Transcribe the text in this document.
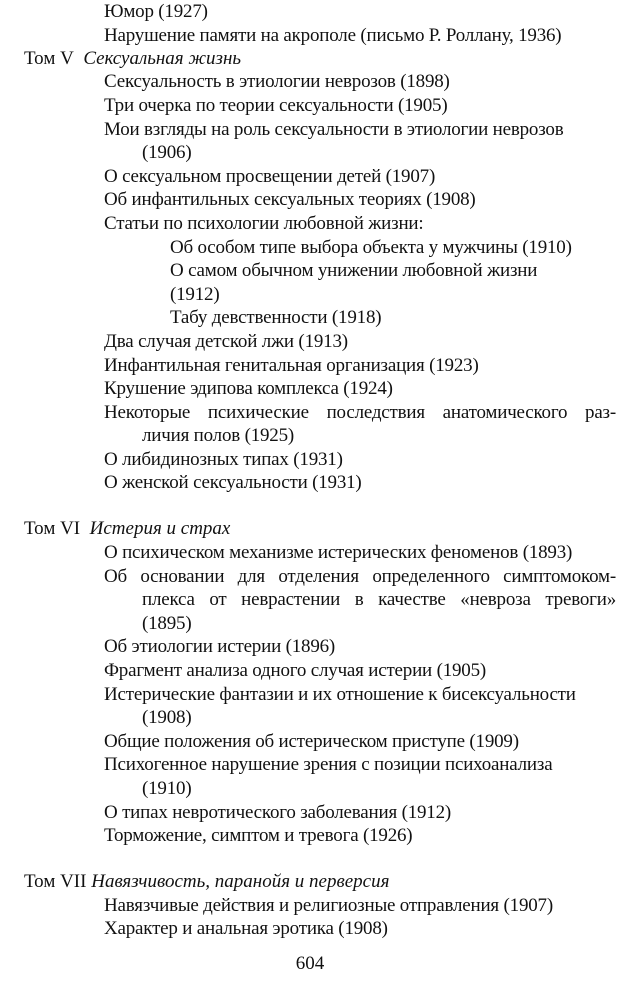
Юмор (1927)
Нарушение памяти на акрополе (письмо Р. Роллану, 1936)
Том V Сексуальная жизнь
Сексуальность в этиологии неврозов (1898)
Три очерка по теории сексуальности (1905)
Мои взгляды на роль сексуальности в этиологии неврозов
(1906)
О сексуальном просвещении детей (1907)
Об инфантильных сексуальных теориях (1908)
Статьи по психологии любовной жизни:
Об особом типе выбора объекта у мужчины (1910)
О самом обычном унижении любовной жизни
(1912)
Табу девственности (1918)
Два случая детской лжи (1913)
Инфантильная генитальная организация (1923)
Крушение эдипова комплекса (1924)
Некоторые психические последствия анатомического раз-
личия полов (1925)
О либидинозных типах (1931)
О женской сексуальности (1931)
Том VI Истерия и страх
О психическом механизме истерических феноменов (1893)
Об основании для отделения определенного симптомоком-
плекса от неврастении в качестве «невроза тревоги»
(1895)
Об этиологии истерии (1896)
Фрагмент анализа одного случая истерии (1905)
Истерические фантазии и их отношение к бисексуальности
(1908)
Общие положения об истерическом приступе (1909)
Психогенное нарушение зрения с позиции психоанализа
(1910)
О типах невротического заболевания (1912)
Торможение, симптом и тревога (1926)
Том VII Навязчивость, паранойя и перверсия
Навязчивые действия и религиозные отправления (1907)
Характер и анальная эротика (1908)
604
